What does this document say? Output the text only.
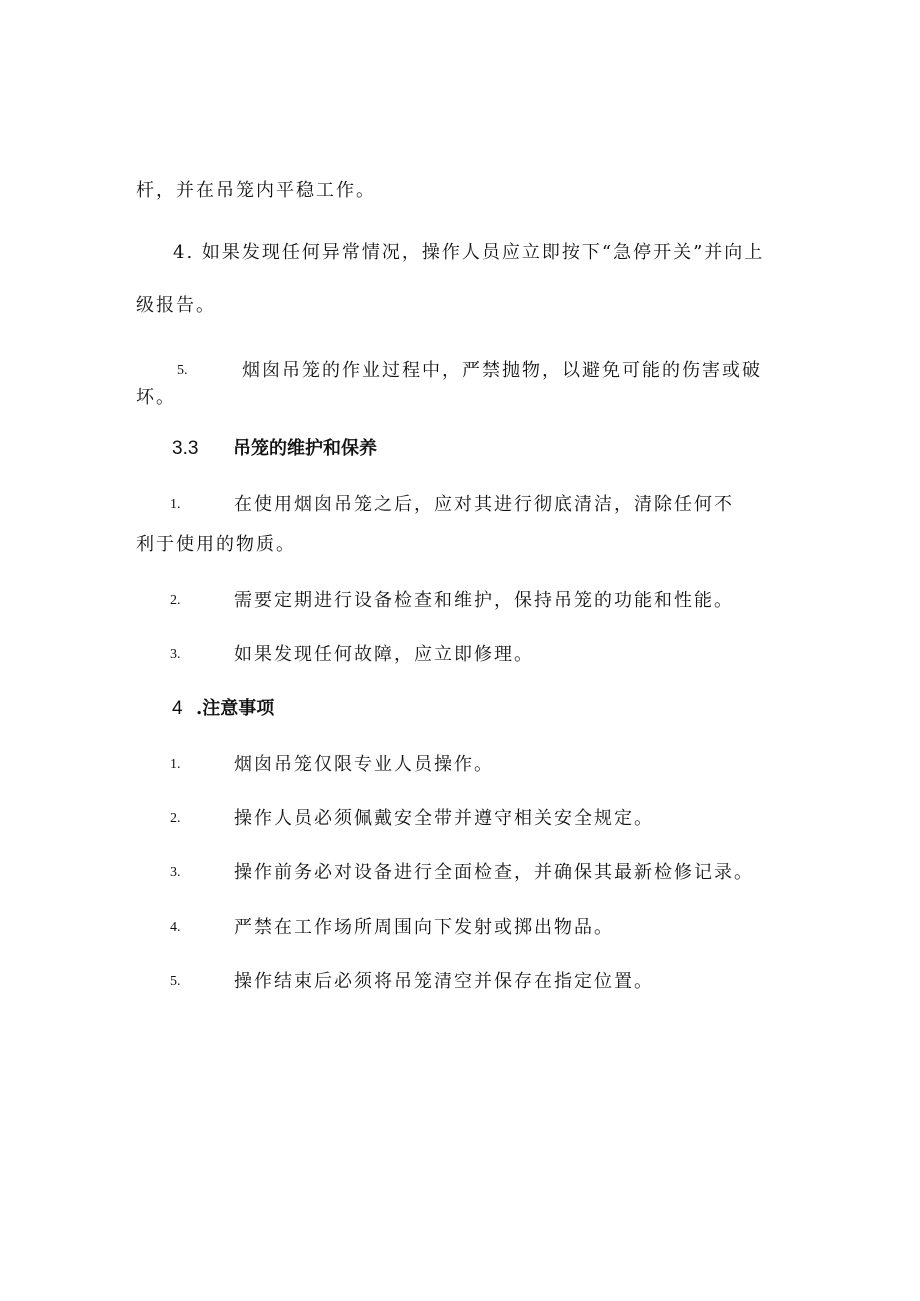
杆，并在吊笼内平稳工作。
4. 如果发现任何异常情况，操作人员应立即按下“急停开关”并向上
级报告。
5.	烟囱吊笼的作业过程中，严禁抛物，以避免可能的伤害或破
坏。
3.3 吊笼的维护和保养
1.	在使用烟囱吊笼之后，应对其进行彻底清洁，清除任何不
利于使用的物质。
2.	需要定期进行设备检查和维护，保持吊笼的功能和性能。
3.	如果发现任何故障，应立即修理。
4 .注意事项
1.	烟囱吊笼仅限专业人员操作。
2.	操作人员必须佩戴安全带并遵守相关安全规定。
3.	操作前务必对设备进行全面检查，并确保其最新检修记录。
4.	严禁在工作场所周围向下发射或掷出物品。
5.	操作结束后必须将吊笼清空并保存在指定位置。
